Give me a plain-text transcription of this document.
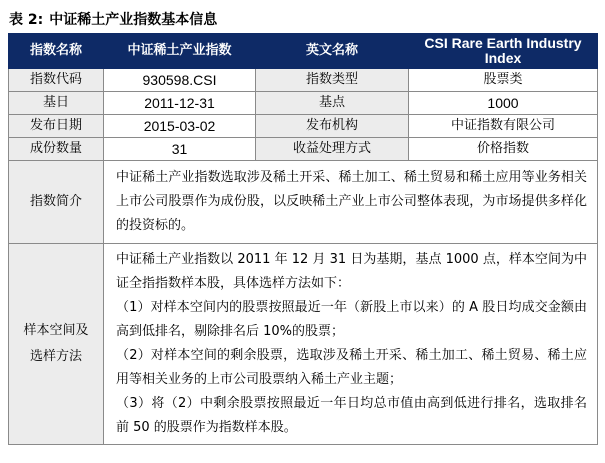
表 2: 中证稀土产业指数基本信息
指数名称	中证稀土产业指数	英文名称	CSI Rare Earth Industry Index
指数代码	930598.CSI	指数类型	股票类
基日	2011-12-31	基点	1000
发布日期	2015-03-02	发布机构	中证指数有限公司
成份数量	31	收益处理方式	价格指数
指数简介	中证稀土产业指数选取涉及稀土开采、稀土加工、稀土贸易和稀土应用等业务相关上市公司股票作为成份股，以反映稀土产业上市公司整体表现，为市场提供多样化的投资标的。		

样本空间及
选样方法	中证稀土产业指数以 2011 年 12 月 31 日为基期，基点 1000 点，样本空间为中证全指指数样本股，具体选样方法如下：
（1）对样本空间内的股票按照最近一年（新股上市以来）的 A 股日均成交金额由高到低排名，剔除排名后 10%的股票；
（2）对样本空间的剩余股票，选取涉及稀土开采、稀土加工、稀土贸易、稀土应用等相关业务的上市公司股票纳入稀土产业主题；
（3）将（2）中剩余股票按照最近一年日均总市值由高到低进行排名，选取排名前 50 的股票作为指数样本股。		
